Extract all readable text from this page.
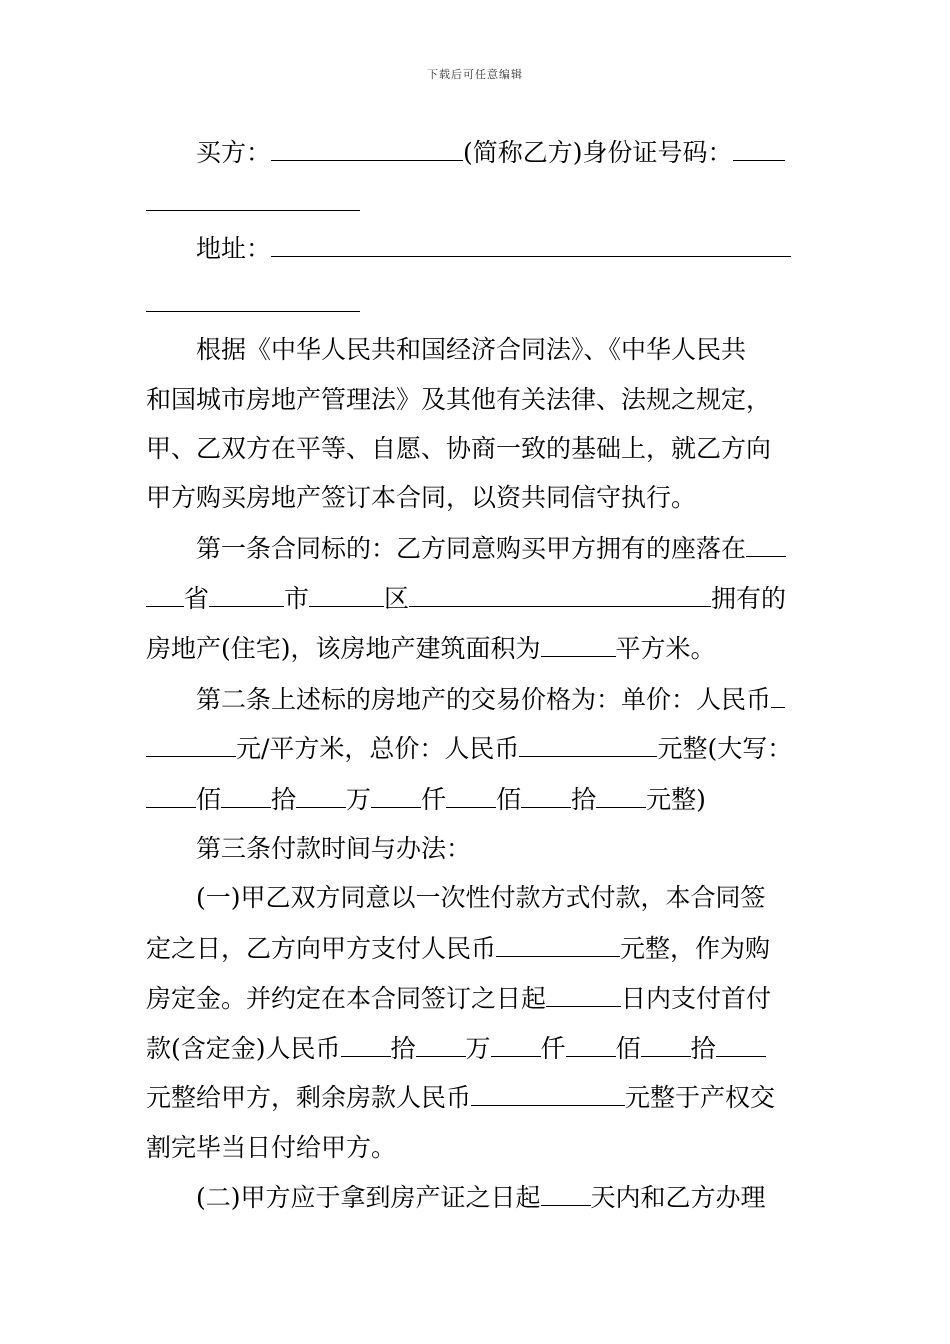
下载后可任意编辑
买方：	(简称乙方)身份证号码：
地址：
根据《中华人民共和国经济合同法》、《中华人民共
和国城市房地产管理法》及其他有关法律、法规之规定，
甲、乙双方在平等、自愿、协商一致的基础上，就乙方向
甲方购买房地产签订本合同，以资共同信守执行。
第一条合同标的：乙方同意购买甲方拥有的座落在
省	市	区	拥有的
房地产(住宅)，该房地产建筑面积为	平方米。
第二条上述标的房地产的交易价格为：单价：人民币
元/平方米，总价：人民币	元整(大写：
佰 拾 万 仟 佰 拾 元整)
第三条付款时间与办法：
(一)甲乙双方同意以一次性付款方式付款，本合同签
定之日，乙方向甲方支付人民币	元整，作为购
房定金。并约定在本合同签订之日起	日内支付首付
款(含定金)人民币 拾 万 仟 佰 拾
元整给甲方，剩余房款人民币	元整于产权交
割完毕当日付给甲方。
(二)甲方应于拿到房产证之日起 天内和乙方办理
